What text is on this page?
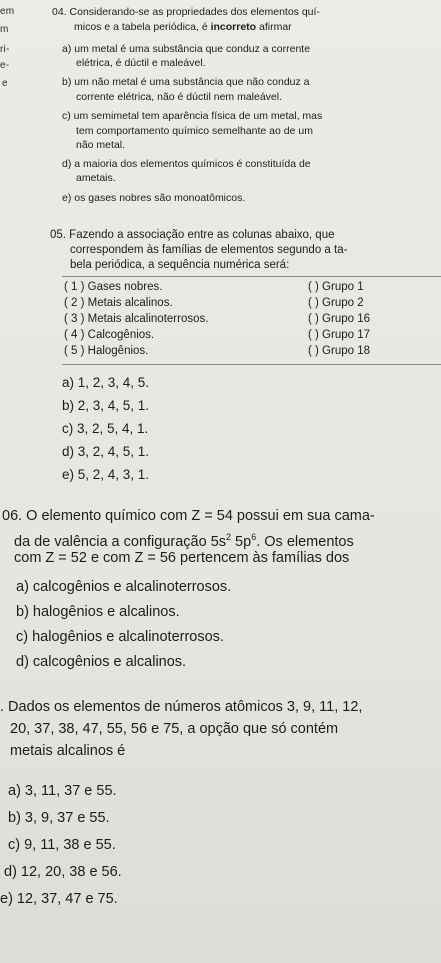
em
m
ri-
e-
e
04. Considerando-se as propriedades dos elementos quí-
micos e a tabela periódica, é incorreto afirmar
a) um metal é uma substância que conduz a corrente
elétrica, é dúctil e maleável.
b) um não metal é uma substância que não conduz a
corrente elétrica, não é dúctil nem maleável.
c) um semimetal tem aparência física de um metal, mas
tem comportamento químico semelhante ao de um
não metal.
d) a maioria dos elementos químicos é constituída de
ametais.
e) os gases nobres são monoatômicos.
05. Fazendo a associação entre as colunas abaixo, que
correspondem às famílias de elementos segundo a ta-
bela periódica, a sequência numérica será:
( 1 ) Gases nobres.
( 2 ) Metais alcalinos.
( 3 ) Metais alcalinoterrosos.
( 4 ) Calcogênios.
( 5 ) Halogênios.
( ) Grupo 1
( ) Grupo 2
( ) Grupo 16
( ) Grupo 17
( ) Grupo 18
a) 1, 2, 3, 4, 5.
b) 2, 3, 4, 5, 1.
c) 3, 2, 5, 4, 1.
d) 3, 2, 4, 5, 1.
e) 5, 2, 4, 3, 1.
06. O elemento químico com Z = 54 possui em sua cama-
da de valência a configuração $5s^2$ $5p^6$. Os elementos
com Z = 52 e com Z = 56 pertencem às famílias dos
a) calcogênios e alcalinoterrosos.
b) halogênios e alcalinos.
c) halogênios e alcalinoterrosos.
d) calcogênios e alcalinos.
. Dados os elementos de números atômicos 3, 9, 11, 12,
20, 37, 38, 47, 55, 56 e 75, a opção que só contém
metais alcalinos é
a) 3, 11, 37 e 55.
b) 3, 9, 37 e 55.
c) 9, 11, 38 e 55.
d) 12, 20, 38 e 56.
e) 12, 37, 47 e 75.
